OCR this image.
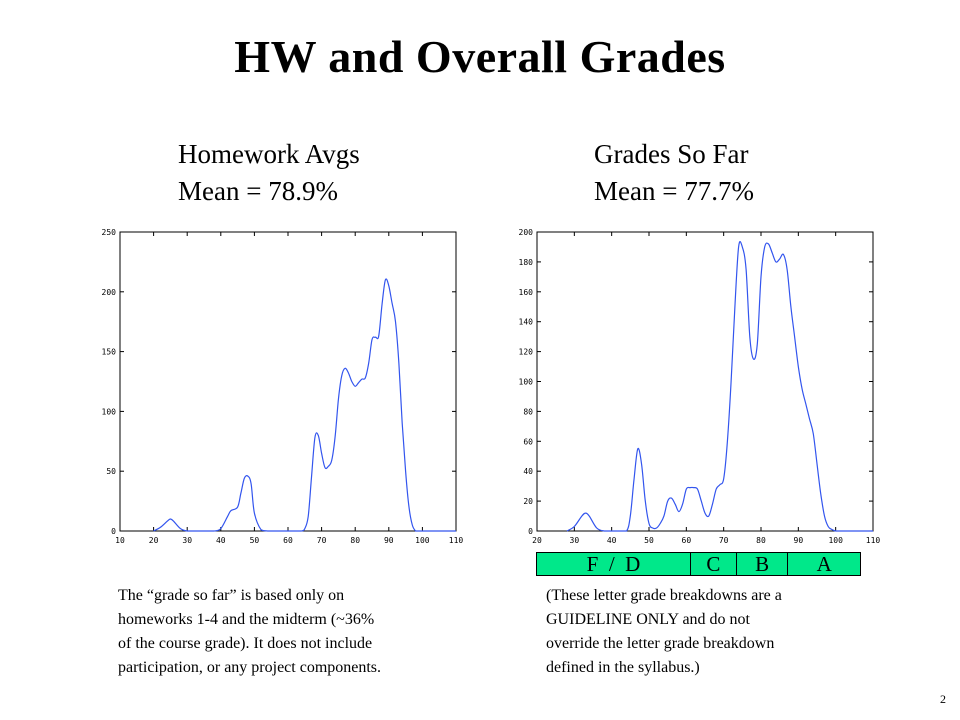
HW and Overall Grades
Homework Avgs
Mean = 78.9%
Grades So Far
Mean = 77.7%
10	20	30	40	50	60	70	80	90	100 110
0
50
100
150
200
250
20	30	40	50	60	70	80	90	100	110
0
20
40
60
80
100
120
140
160
180
200
F  /  D	C	B	A
The “grade so far” is based only on
homeworks 1-4 and the midterm (~36%
of the course grade). It does not include
participation, or any project components.
(These letter grade breakdowns are a
GUIDELINE ONLY and do not
override the letter grade breakdown
defined in the syllabus.)
2
